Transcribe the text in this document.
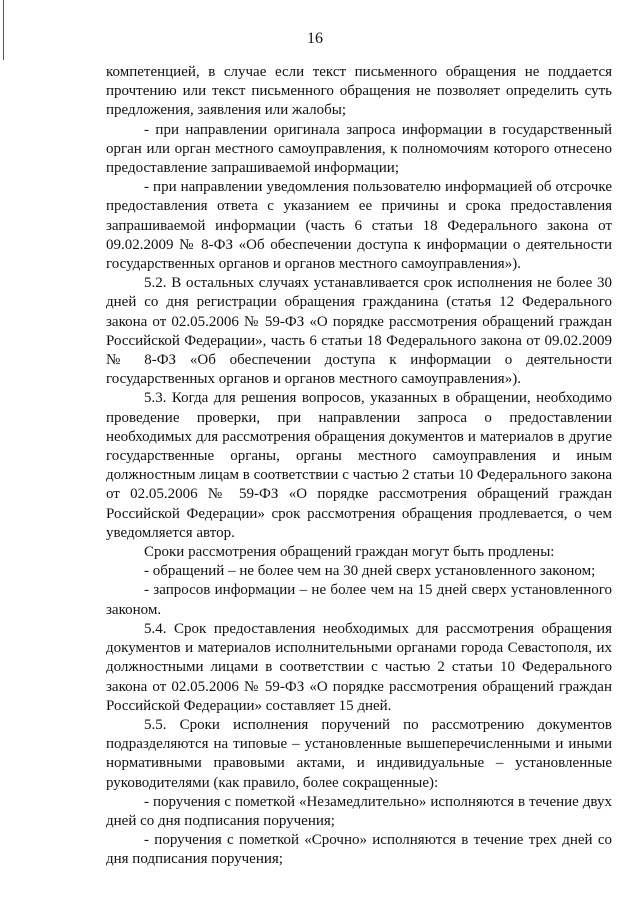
16

компетенцией, в случае если текст письменного обращения не поддается прочтению или текст письменного обращения не позволяет определить суть предложения, заявления или жалобы;

- при направлении оригинала запроса информации в государственный орган или орган местного самоуправления, к полномочиям которого отнесено предоставление запрашиваемой информации;

- при направлении уведомления пользователю информацией об отсрочке предоставления ответа с указанием ее причины и срока предоставления запрашиваемой информации (часть 6 статьи 18 Федерального закона от 09.02.2009 № 8-ФЗ «Об обеспечении доступа к информации о деятельности государственных органов и органов местного самоуправления»).

5.2. В остальных случаях устанавливается срок исполнения не более 30 дней со дня регистрации обращения гражданина (статья 12 Федерального закона от 02.05.2006 № 59-ФЗ «О порядке рассмотрения обращений граждан Российской Федерации», часть 6 статьи 18 Федерального закона от 09.02.2009 № 8-ФЗ «Об обеспечении доступа к информации о деятельности государственных органов и органов местного самоуправления»).

5.3. Когда для решения вопросов, указанных в обращении, необходимо проведение проверки, при направлении запроса о предоставлении необходимых для рассмотрения обращения документов и материалов в другие государственные органы, органы местного самоуправления и иным должностным лицам в соответствии с частью 2 статьи 10 Федерального закона от 02.05.2006 № 59-ФЗ «О порядке рассмотрения обращений граждан Российской Федерации» срок рассмотрения обращения продлевается, о чем уведомляется автор.

Сроки рассмотрения обращений граждан могут быть продлены:

- обращений – не более чем на 30 дней сверх установленного законом;

- запросов информации – не более чем на 15 дней сверх установленного законом.

5.4. Срок предоставления необходимых для рассмотрения обращения документов и материалов исполнительными органами города Севастополя, их должностными лицами в соответствии с частью 2 статьи 10 Федерального закона от 02.05.2006 № 59-ФЗ «О порядке рассмотрения обращений граждан Российской Федерации» составляет 15 дней.

5.5. Сроки исполнения поручений по рассмотрению документов подразделяются на типовые – установленные вышеперечисленными и иными нормативными правовыми актами, и индивидуальные – установленные руководителями (как правило, более сокращенные):

- поручения с пометкой «Незамедлительно» исполняются в течение двух дней со дня подписания поручения;

- поручения с пометкой «Срочно» исполняются в течение трех дней со дня подписания поручения;
